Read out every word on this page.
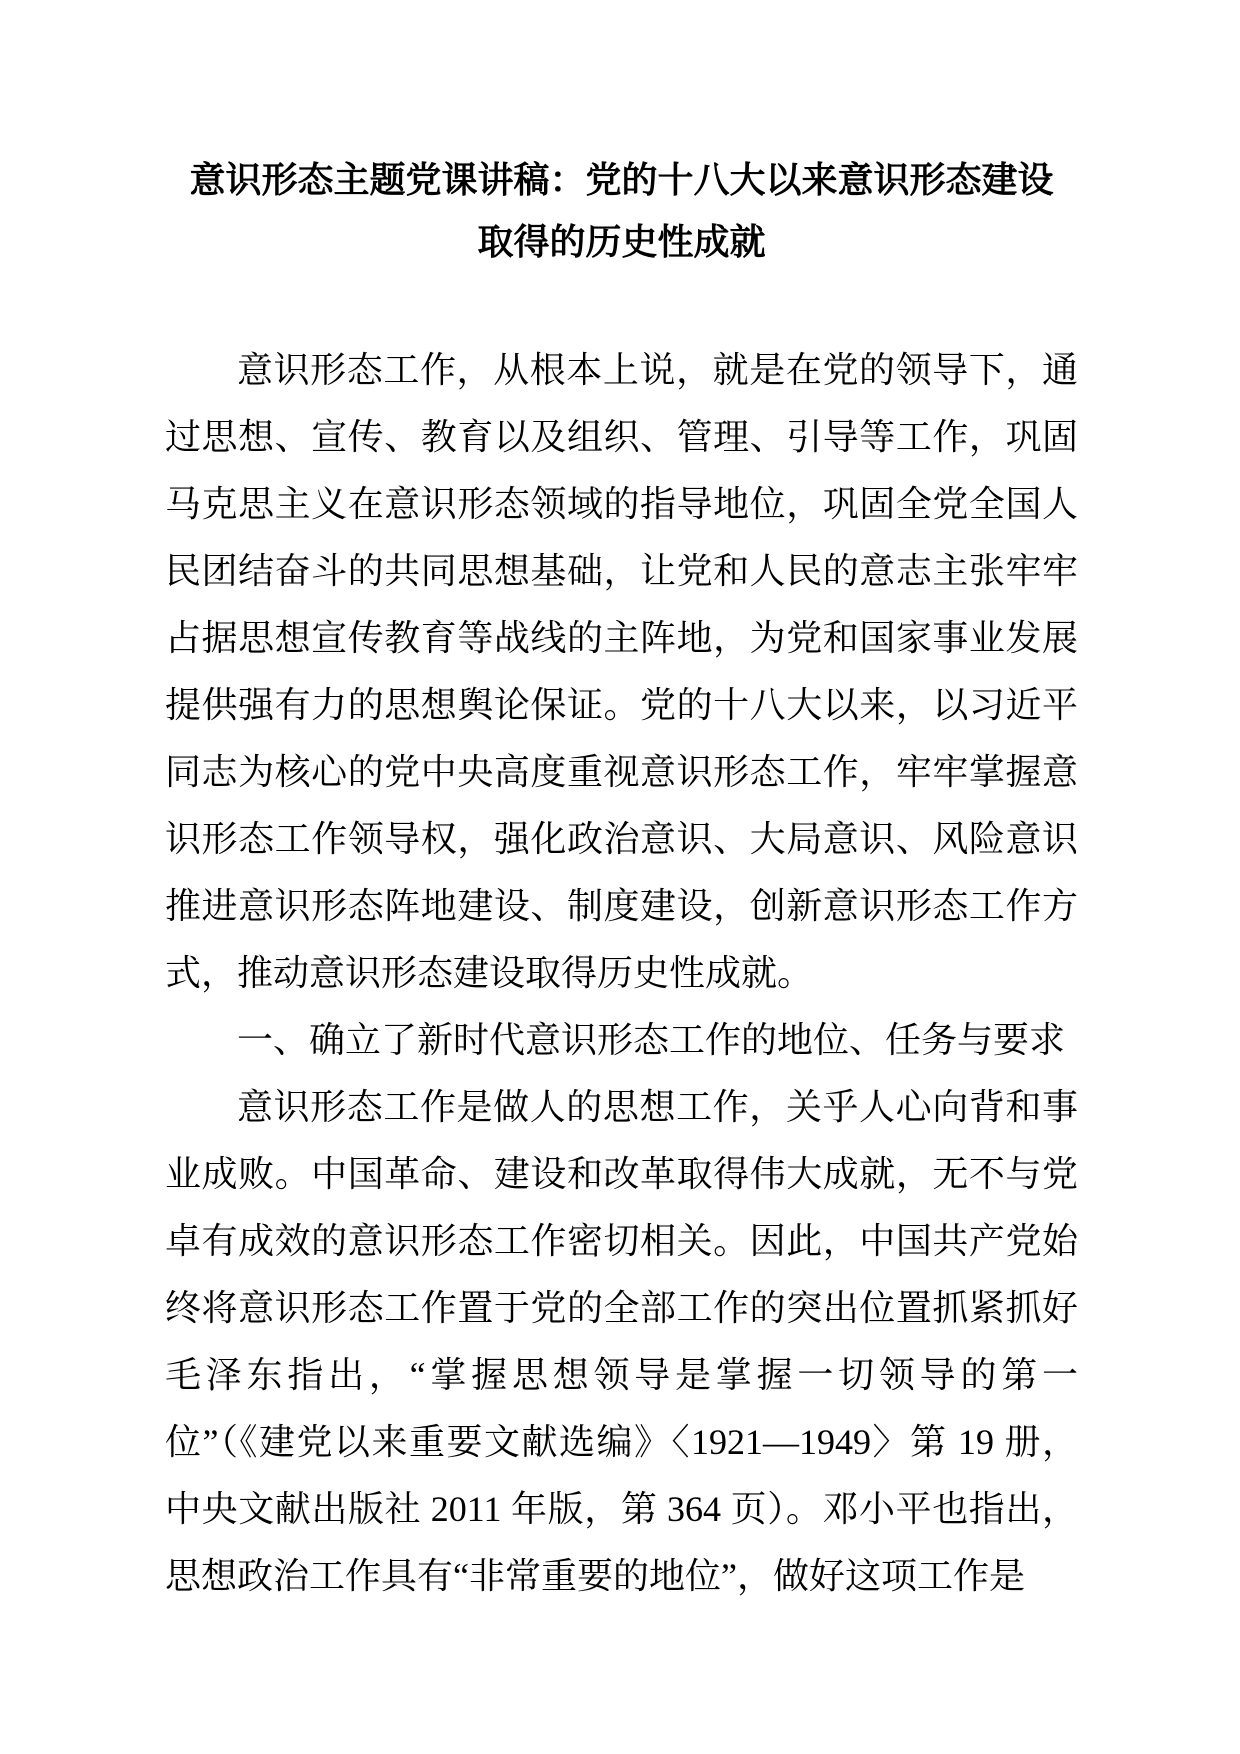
意识形态主题党课讲稿：党的十八大以来意识形态建设取得的历史性成就

意识形态工作，从根本上说，就是在党的领导下，通过思想、宣传、教育以及组织、管理、引导等工作，巩固马克思主义在意识形态领域的指导地位，巩固全党全国人民团结奋斗的共同思想基础，让党和人民的意志主张牢牢占据思想宣传教育等战线的主阵地，为党和国家事业发展提供强有力的思想舆论保证。党的十八大以来，以习近平同志为核心的党中央高度重视意识形态工作，牢牢掌握意识形态工作领导权，强化政治意识、大局意识、风险意识推进意识形态阵地建设、制度建设，创新意识形态工作方式，推动意识形态建设取得历史性成就。

一、确立了新时代意识形态工作的地位、任务与要求

意识形态工作是做人的思想工作，关乎人心向背和事业成败。中国革命、建设和改革取得伟大成就，无不与党卓有成效的意识形态工作密切相关。因此，中国共产党始终将意识形态工作置于党的全部工作的突出位置抓紧抓好毛泽东指出，“掌握思想领导是掌握一切领导的第一位”（《建党以来重要文献选编》〈1921—1949〉第 19 册，中央文献出版社 2011 年版，第 364 页）。邓小平也指出，思想政治工作具有“非常重要的地位”，做好这项工作是
